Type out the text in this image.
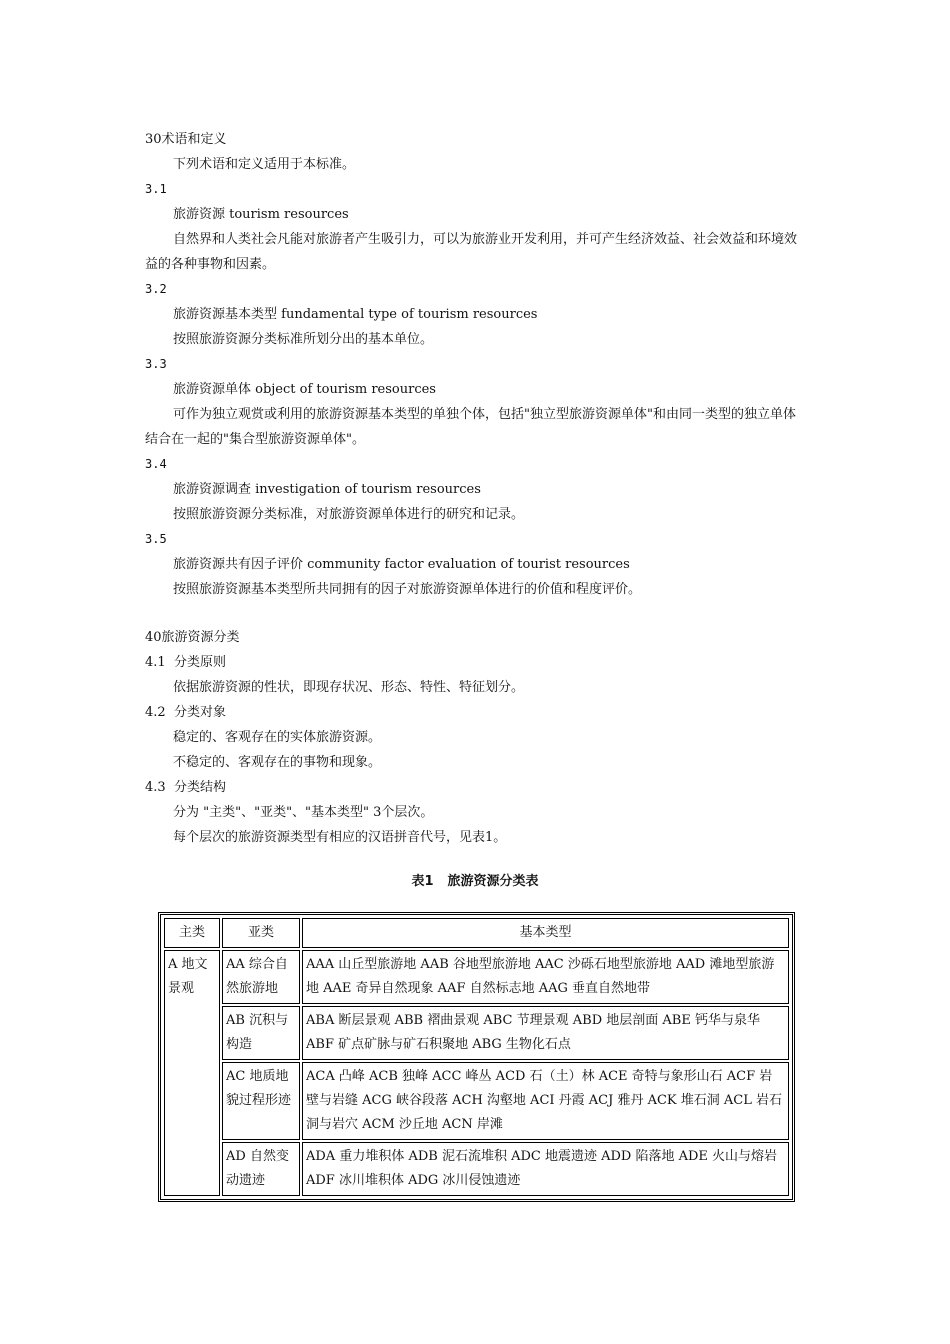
30术语和定义
下列术语和定义适用于本标准。
3.1
旅游资源 tourism resources
自然界和人类社会凡能对旅游者产生吸引力，可以为旅游业开发利用，并可产生经济效益、社会效益和环境效益的各种事物和因素。
3.2
旅游资源基本类型 fundamental type of tourism resources
按照旅游资源分类标准所划分出的基本单位。
3.3
旅游资源单体 object of tourism resources
可作为独立观赏或利用的旅游资源基本类型的单独个体，包括"独立型旅游资源单体"和由同一类型的独立单体结合在一起的"集合型旅游资源单体"。
3.4
旅游资源调查 investigation of tourism resources
按照旅游资源分类标准，对旅游资源单体进行的研究和记录。
3.5
旅游资源共有因子评价 community factor evaluation of tourist resources
按照旅游资源基本类型所共同拥有的因子对旅游资源单体进行的价值和程度评价。
40旅游资源分类
4.1  分类原则
依据旅游资源的性状，即现存状况、形态、特性、特征划分。
4.2  分类对象
稳定的、客观存在的实体旅游资源。
不稳定的、客观存在的事物和现象。
4.3  分类结构
分为 "主类"、"亚类"、"基本类型" 3个层次。
每个层次的旅游资源类型有相应的汉语拼音代号，见表1。
表1 旅游资源分类表
主类	亚类	基本类型
A 地文景观	AA 综合自然旅游地	AAA 山丘型旅游地 AAB 谷地型旅游地 AAC 沙砾石地型旅游地 AAD 滩地型旅游地 AAE 奇异自然现象 AAF 自然标志地 AAG 垂直自然地带
	AB 沉积与构造	ABA 断层景观 ABB 褶曲景观 ABC 节理景观 ABD 地层剖面 ABE 钙华与泉华 ABF 矿点矿脉与矿石积聚地 ABG 生物化石点
	AC 地质地貌过程形迹	ACA 凸峰 ACB 独峰 ACC 峰丛 ACD 石（土）林 ACE 奇特与象形山石 ACF 岩壁与岩缝 ACG 峡谷段落 ACH 沟壑地 ACI 丹霞 ACJ 雅丹 ACK 堆石洞 ACL 岩石洞与岩穴 ACM 沙丘地 ACN 岸滩
	AD 自然变动遗迹	ADA 重力堆积体 ADB 泥石流堆积 ADC 地震遗迹 ADD 陷落地 ADE 火山与熔岩 ADF 冰川堆积体 ADG 冰川侵蚀遗迹
